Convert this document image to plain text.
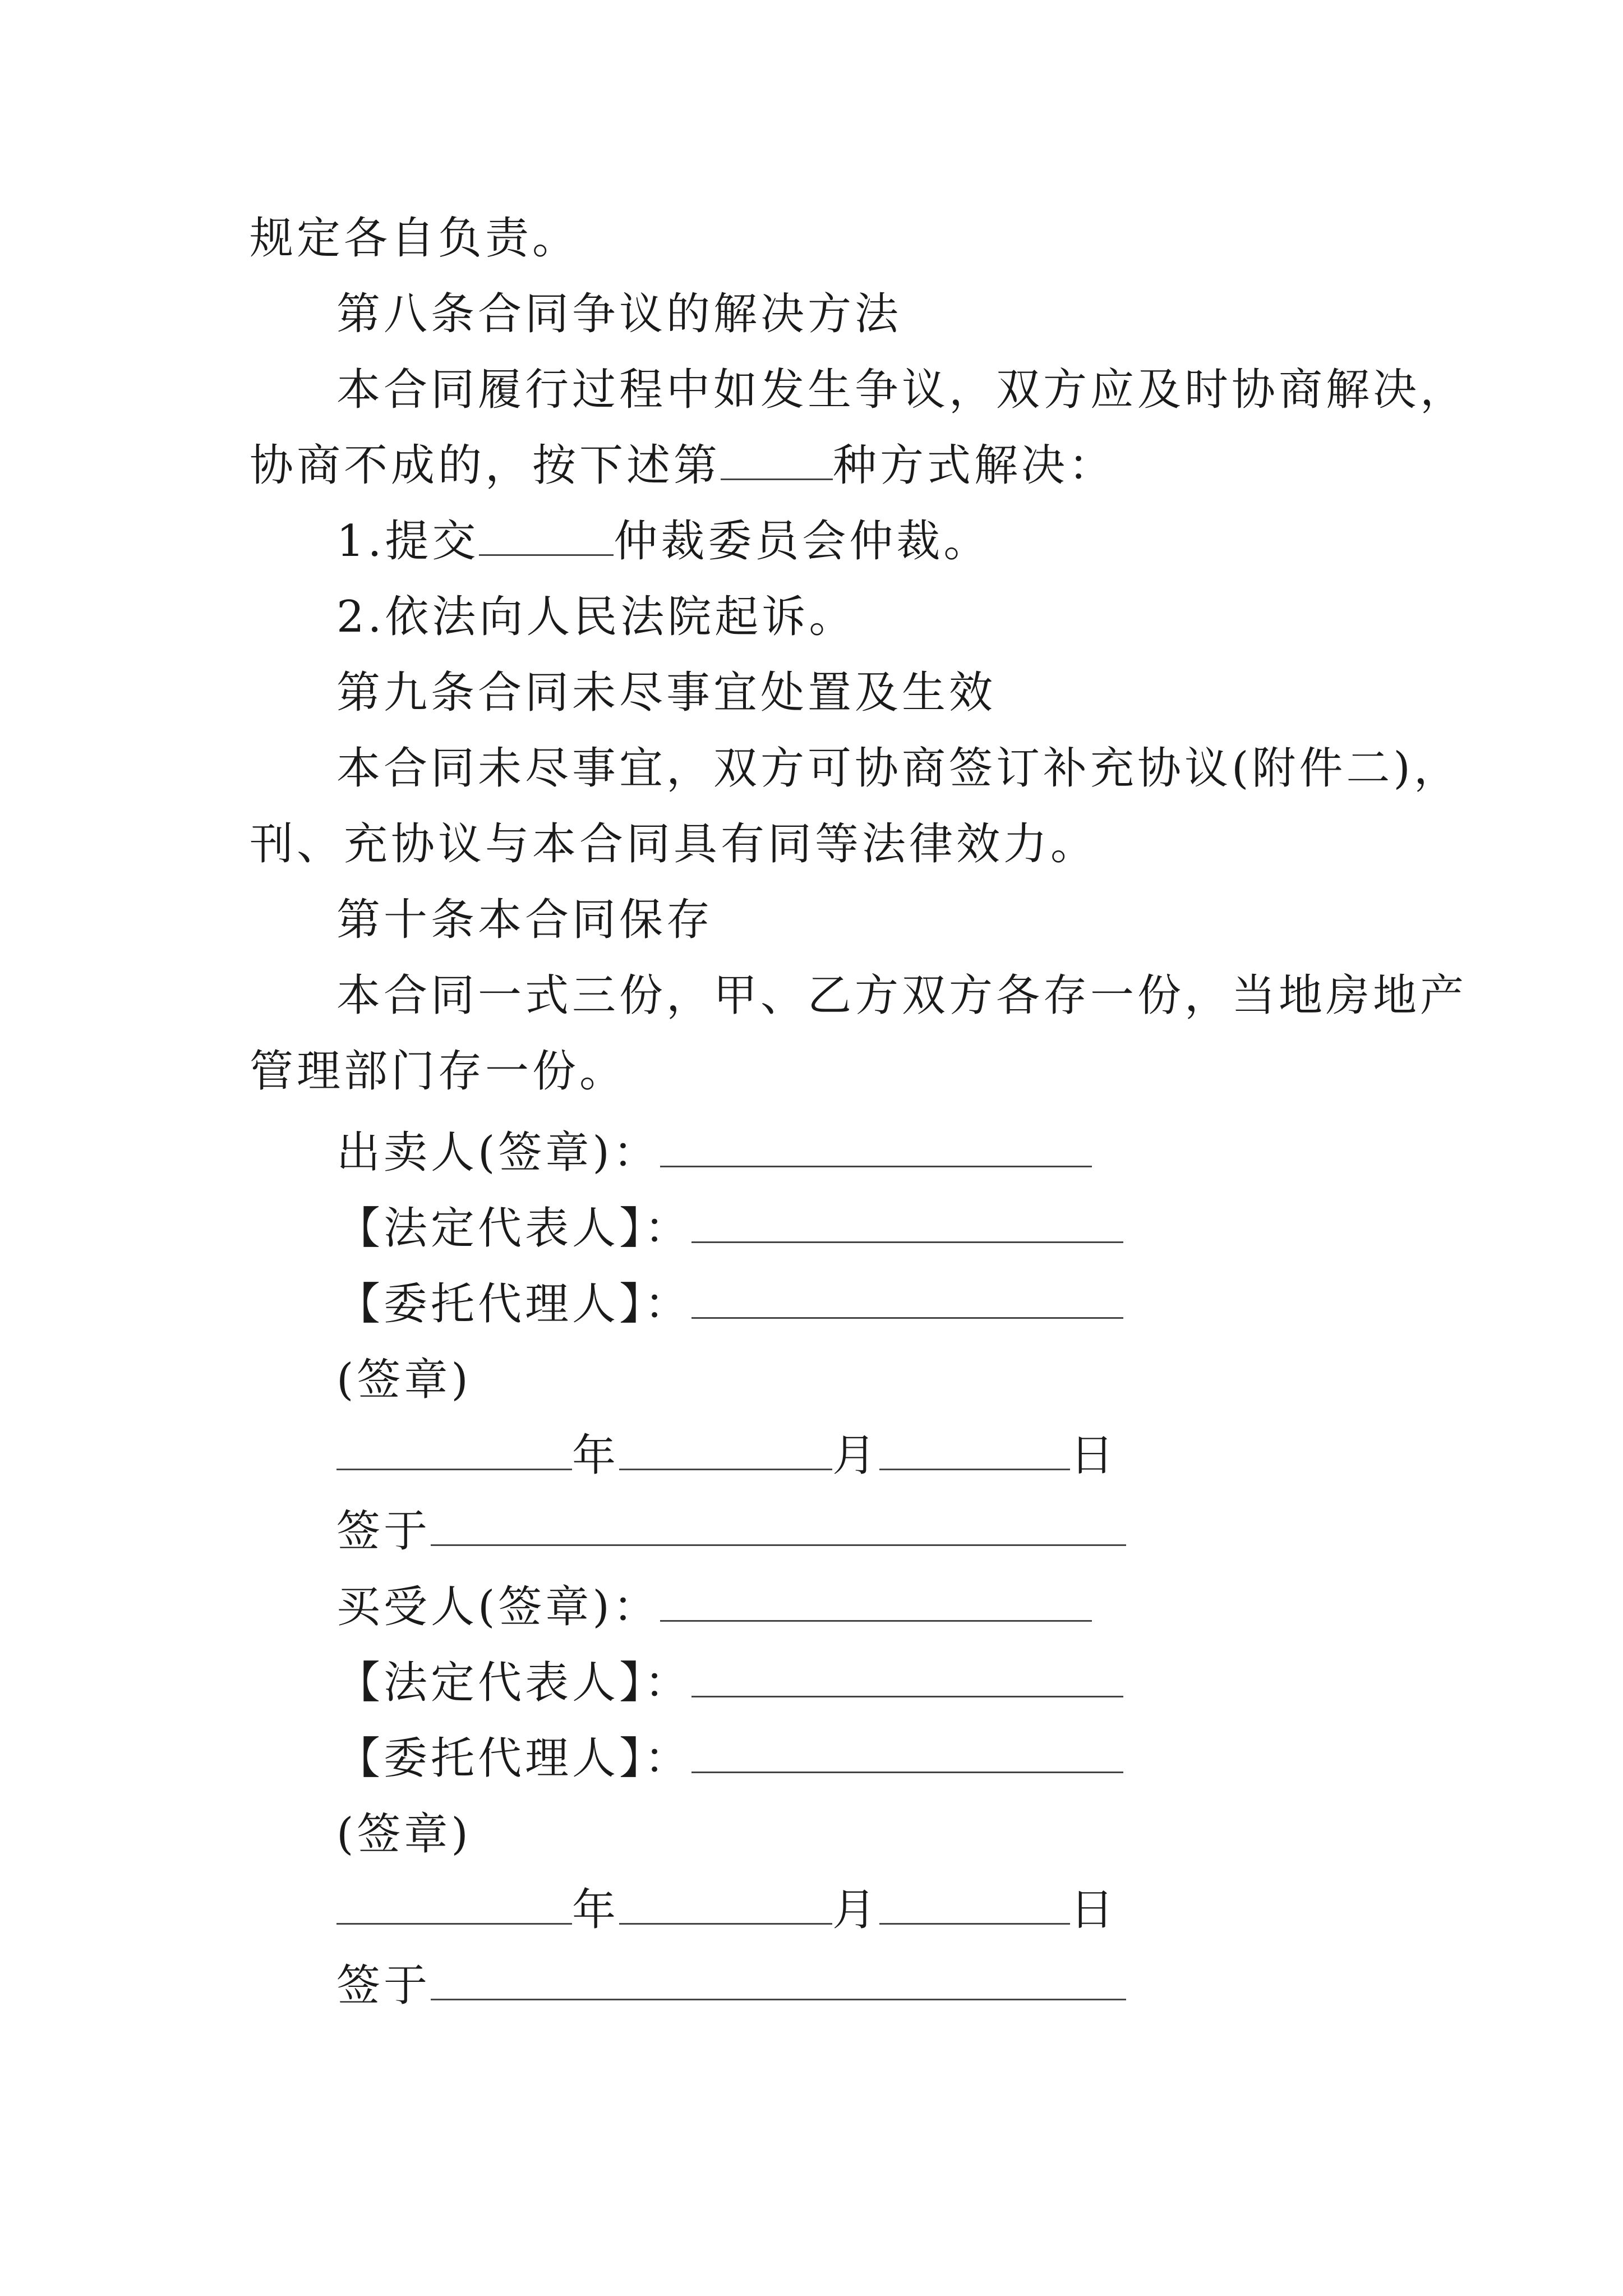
规定各自负责。
第八条合同争议的解决方法
本合同履行过程中如发生争议，双方应及时协商解决，
协商不成的，按下述第	种方式解决：
1.提交	仲裁委员会仲裁。
2.依法向人民法院起诉。
第九条合同未尽事宜处置及生效
本合同未尽事宜，双方可协商签订补充协议(附件二)，
刊、充协议与本合同具有同等法律效力。
第十条本合同保存
本合同一式三份，甲、乙方双方各存一份，当地房地产
管理部门存一份。
出卖人(签章)：
【法定代表人】：
【委托代理人】：
(签章)
年	月	日
签于
买受人(签章)：
【法定代表人】：
【委托代理人】：
(签章)
年	月	日
签于
